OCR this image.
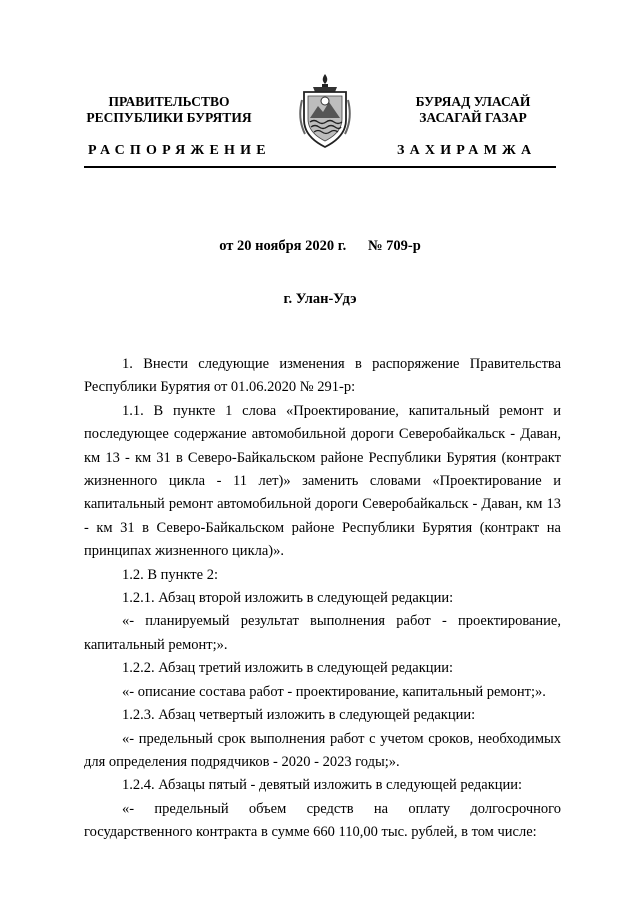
ПРАВИТЕЛЬСТВО
РЕСПУБЛИКИ БУРЯТИЯ
РАСПОРЯЖЕНИЕ
БУРЯАД УЛАСАЙ
ЗАСАГАЙ ГАЗАР
ЗАХИРАМЖА
от 20 ноября 2020 г. № 709-р
г. Улан-Удэ

1. Внести следующие изменения в распоряжение Правительства Республики Бурятия от 01.06.2020 № 291-р:

1.1. В пункте 1 слова «Проектирование, капитальный ремонт и последующее содержание автомобильной дороги Северобайкальск - Даван, км 13 - км 31 в Северо-Байкальском районе Республики Бурятия (контракт жизненного цикла - 11 лет)» заменить словами «Проектирование и капитальный ремонт автомобильной дороги Северобайкальск - Даван, км 13 - км 31 в Северо-Байкальском районе Республики Бурятия (контракт на принципах жизненного цикла)».

1.2. В пункте 2:

1.2.1. Абзац второй изложить в следующей редакции:

«- планируемый результат выполнения работ - проектирование, капитальный ремонт;».

1.2.2. Абзац третий изложить в следующей редакции:

«- описание состава работ - проектирование, капитальный ремонт;».

1.2.3. Абзац четвертый изложить в следующей редакции:

«- предельный срок выполнения работ с учетом сроков, необходимых для определения подрядчиков - 2020 - 2023 годы;».

1.2.4. Абзацы пятый - девятый изложить в следующей редакции:

«- предельный объем средств на оплату долгосрочного государственного контракта в сумме 660 110,00 тыс. рублей, в том числе:
